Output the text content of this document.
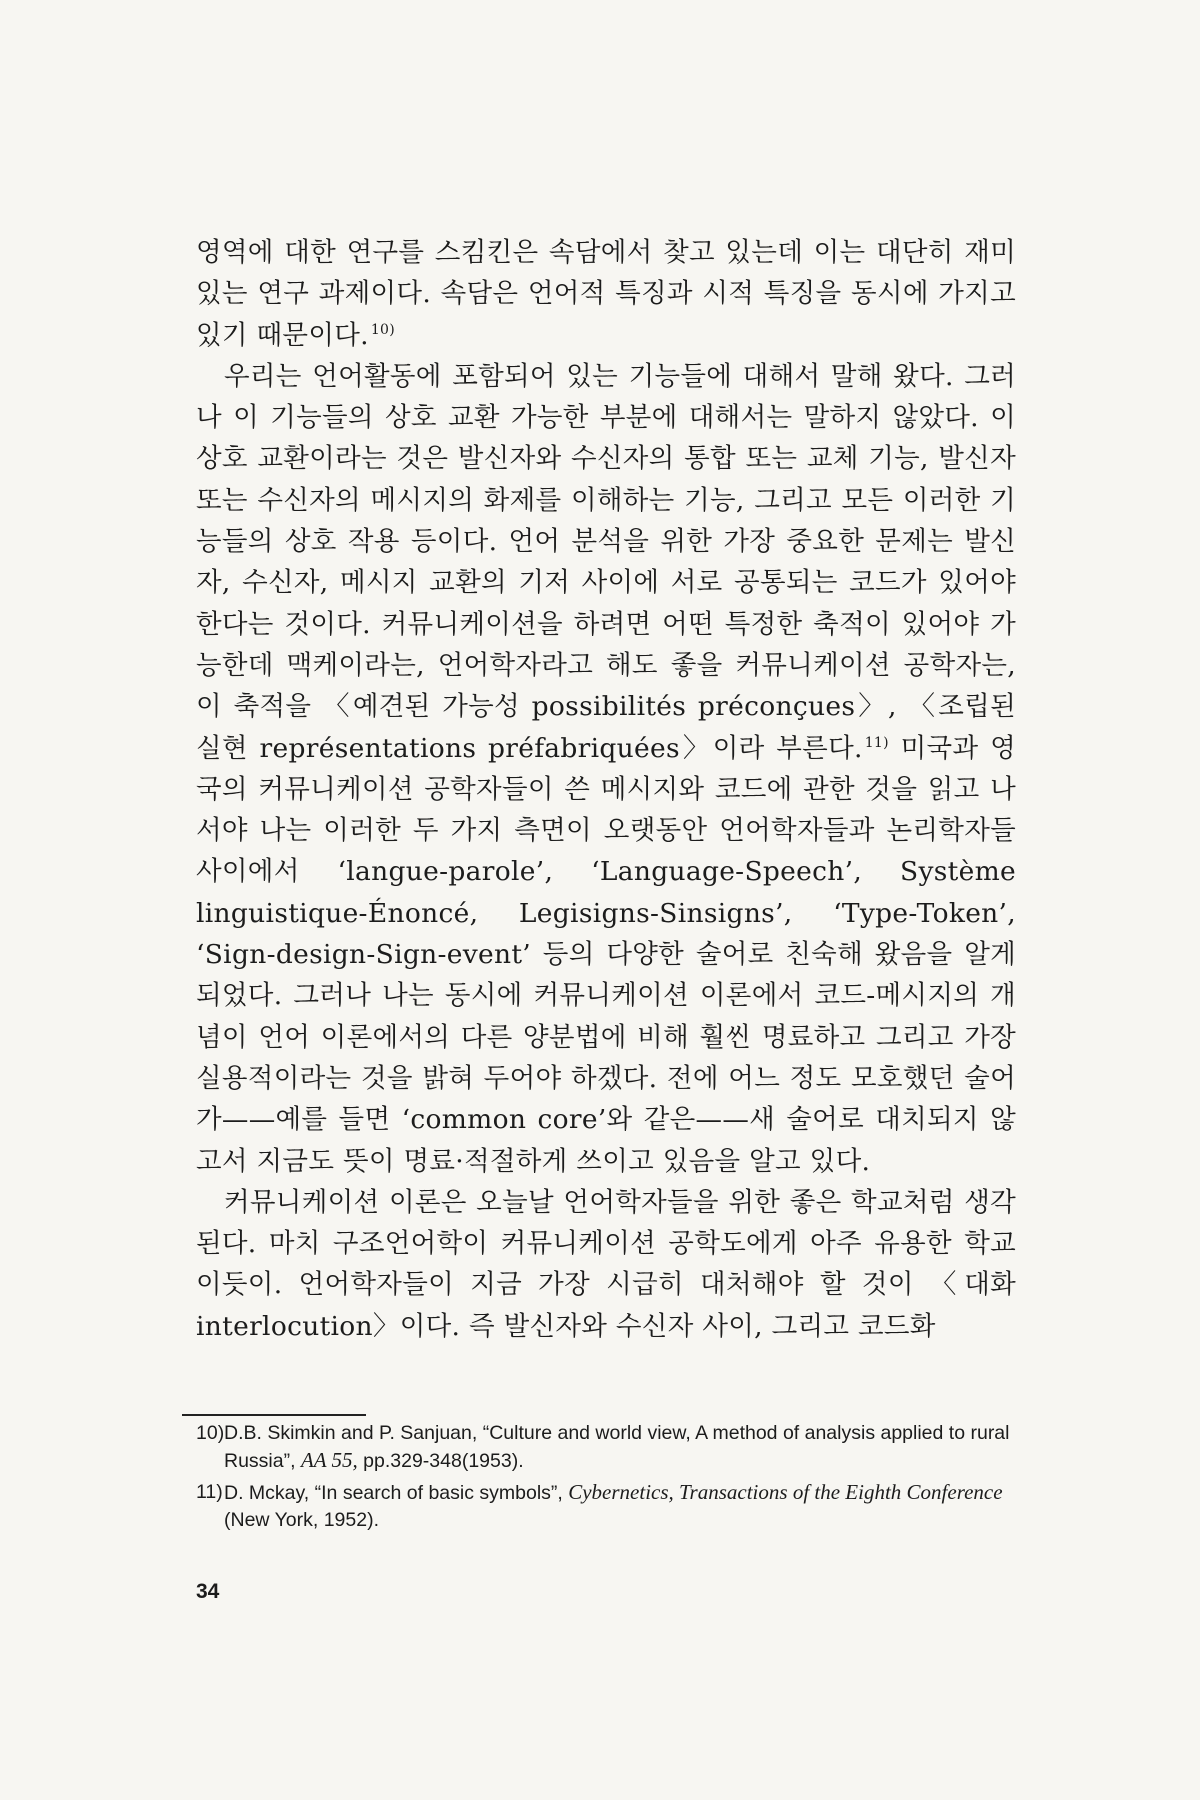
영역에 대한 연구를 스킴킨은 속담에서 찾고 있는데 이는 대단히 재미있는 연구 과제이다. 속담은 언어적 특징과 시적 특징을 동시에 가지고 있기 때문이다. $^{10)}$

우리는 언어활동에 포함되어 있는 기능들에 대해서 말해 왔다. 그러나 이 기능들의 상호 교환 가능한 부분에 대해서는 말하지 않았다. 이 상호 교환이라는 것은 발신자와 수신자의 통합 또는 교체 기능, 발신자 또는 수신자의 메시지의 화제를 이해하는 기능, 그리고 모든 이러한 기능들의 상호 작용 등이다. 언어 분석을 위한 가장 중요한 문제는 발신자, 수신자, 메시지 교환의 기저 사이에 서로 공통되는 코드가 있어야 한다는 것이다. 커뮤니케이션을 하려면 어떤 특정한 축적이 있어야 가능한데 맥케이라는, 언어학자라고 해도 좋을 커뮤니케이션 공학자는, 이 축적을 〈예견된 가능성 possibilités préconçues〉, 〈조립된 실현 représentations préfabriquées〉이라 부른다. $^{11)}$ 미국과 영국의 커뮤니케이션 공학자들이 쓴 메시지와 코드에 관한 것을 읽고 나서야 나는 이러한 두 가지 측면이 오랫동안 언어학자들과 논리학자들 사이에서 ‘langue-parole’, ‘Language-Speech’, Système linguistique-Énoncé, Legisigns-Sinsigns’, ‘Type-Token’, ‘Sign-design-Sign-event’ 등의 다양한 술어로 친숙해 왔음을 알게 되었다. 그러나 나는 동시에 커뮤니케이션 이론에서 코드-메시지의 개념이 언어 이론에서의 다른 양분법에 비해 훨씬 명료하고 그리고 가장 실용적이라는 것을 밝혀 두어야 하겠다. 전에 어느 정도 모호했던 술어가——예를 들면 ‘common core’와 같은——새 술어로 대치되지 않고서 지금도 뜻이 명료·적절하게 쓰이고 있음을 알고 있다.

커뮤니케이션 이론은 오늘날 언어학자들을 위한 좋은 학교처럼 생각된다. 마치 구조언어학이 커뮤니케이션 공학도에게 아주 유용한 학교이듯이. 언어학자들이 지금 가장 시급히 대처해야 할 것이 〈대화 interlocution〉이다. 즉 발신자와 수신자 사이, 그리고 코드화

10) D.B. Skimkin and P. Sanjuan, “Culture and world view, A method of analysis applied to rural Russia”, AA 55, pp.329-348(1953).
11) D. Mckay, “In search of basic symbols”, Cybernetics, Transactions of the Eighth Conference (New York, 1952).
34
